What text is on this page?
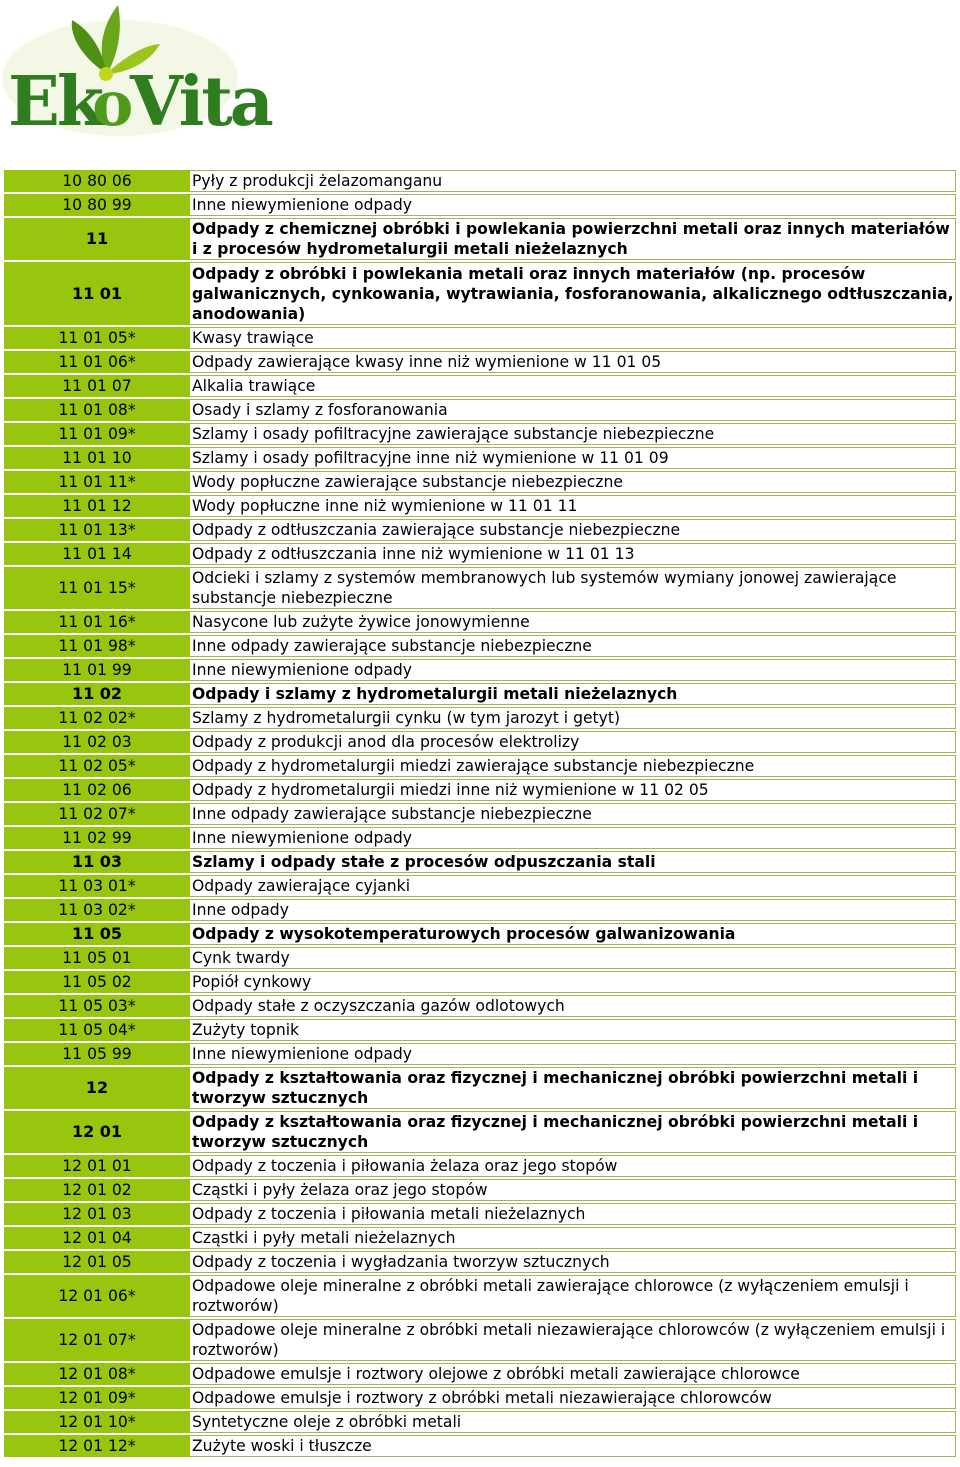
Ek
o
Vita
10 80 06	Pyły z produkcji żelazomanganu
10 80 99	Inne niewymienione odpady
11	Odpady z chemicznej obróbki i powlekania powierzchni metali oraz innych materiałów i z procesów hydrometalurgii metali nieżelaznych
11 01	Odpady z obróbki i powlekania metali oraz innych materiałów (np. procesów galwanicznych, cynkowania, wytrawiania, fosforanowania, alkalicznego odtłuszczania, anodowania)
11 01 05*	Kwasy trawiące
11 01 06*	Odpady zawierające kwasy inne niż wymienione w 11 01 05
11 01 07	Alkalia trawiące
11 01 08*	Osady i szlamy z fosforanowania
11 01 09*	Szlamy i osady pofiltracyjne zawierające substancje niebezpieczne
11 01 10	Szlamy i osady pofiltracyjne inne niż wymienione w 11 01 09
11 01 11*	Wody popłuczne zawierające substancje niebezpieczne
11 01 12	Wody popłuczne inne niż wymienione w 11 01 11
11 01 13*	Odpady z odtłuszczania zawierające substancje niebezpieczne
11 01 14	Odpady z odtłuszczania inne niż wymienione w 11 01 13
11 01 15*	Odcieki i szlamy z systemów membranowych lub systemów wymiany jonowej zawierające substancje niebezpieczne
11 01 16*	Nasycone lub zużyte żywice jonowymienne
11 01 98*	Inne odpady zawierające substancje niebezpieczne
11 01 99	Inne niewymienione odpady
11 02	Odpady i szlamy z hydrometalurgii metali nieżelaznych
11 02 02*	Szlamy z hydrometalurgii cynku (w tym jarozyt i getyt)
11 02 03	Odpady z produkcji anod dla procesów elektrolizy
11 02 05*	Odpady z hydrometalurgii miedzi zawierające substancje niebezpieczne
11 02 06	Odpady z hydrometalurgii miedzi inne niż wymienione w 11 02 05
11 02 07*	Inne odpady zawierające substancje niebezpieczne
11 02 99	Inne niewymienione odpady
11 03	Szlamy i odpady stałe z procesów odpuszczania stali
11 03 01*	Odpady zawierające cyjanki
11 03 02*	Inne odpady
11 05	Odpady z wysokotemperaturowych procesów galwanizowania
11 05 01	Cynk twardy
11 05 02	Popiół cynkowy
11 05 03*	Odpady stałe z oczyszczania gazów odlotowych
11 05 04*	Zużyty topnik
11 05 99	Inne niewymienione odpady
12	Odpady z kształtowania oraz fizycznej i mechanicznej obróbki powierzchni metali i tworzyw sztucznych
12 01	Odpady z kształtowania oraz fizycznej i mechanicznej obróbki powierzchni metali i tworzyw sztucznych
12 01 01	Odpady z toczenia i piłowania żelaza oraz jego stopów
12 01 02	Cząstki i pyły żelaza oraz jego stopów
12 01 03	Odpady z toczenia i piłowania metali nieżelaznych
12 01 04	Cząstki i pyły metali nieżelaznych
12 01 05	Odpady z toczenia i wygładzania tworzyw sztucznych
12 01 06*	Odpadowe oleje mineralne z obróbki metali zawierające chlorowce (z wyłączeniem emulsji i roztworów)
12 01 07*	Odpadowe oleje mineralne z obróbki metali niezawierające chlorowców (z wyłączeniem emulsji i roztworów)
12 01 08*	Odpadowe emulsje i roztwory olejowe z obróbki metali zawierające chlorowce
12 01 09*	Odpadowe emulsje i roztwory z obróbki metali niezawierające chlorowców
12 01 10*	Syntetyczne oleje z obróbki metali
12 01 12*	Zużyte woski i tłuszcze
